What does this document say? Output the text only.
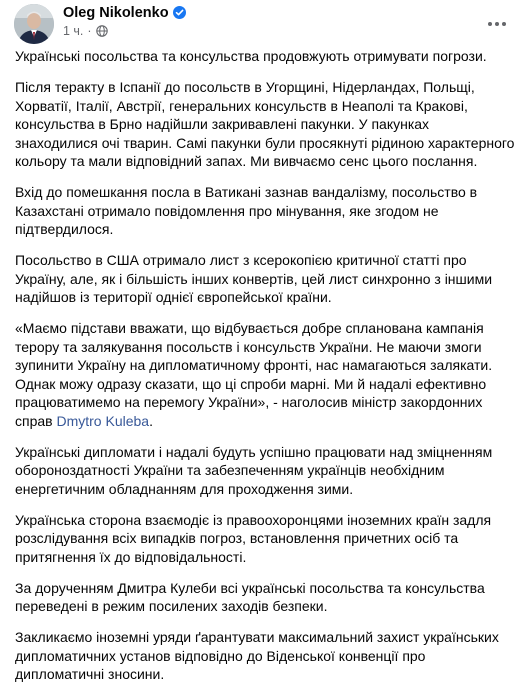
Oleg Nikolenko
1 ч. ·

Українські посольства та консульства продовжують отримувати погрози.

Після теракту в Іспанії до посольств в Угорщині, Нідерландах, Польщі, Хорватії, Італії, Австрії, генеральних консульств в Неаполі та Кракові, консульства в Брно надійшли закривавлені пакунки. У пакунках знаходилися очі тварин. Самі пакунки були просякнуті рідиною характерного кольору та мали відповідний запах. Ми вивчаємо сенс цього послання.

Вхід до помешкання посла в Ватикані зазнав вандалізму, посольство в Казахстані отримало повідомлення про мінування, яке згодом не підтвердилося.

Посольство в США отримало лист з ксерокопією критичної статті про Україну, але, як і більшість інших конвертів, цей лист синхронно з іншими надійшов із території однієї європейської країни.

«Маємо підстави вважати, що відбувається добре спланована кампанія терору та залякування посольств і консульств України. Не маючи змоги зупинити Україну на дипломатичному фронті, нас намагаються залякати. Однак можу одразу сказати, що ці спроби марні. Ми й надалі ефективно працюватимемо на перемогу України», - наголосив міністр закордонних справ Dmytro Kuleba.

Українські дипломати і надалі будуть успішно працювати над зміцненням обороноздатності України та забезпеченням українців необхідним енергетичним обладнанням для проходження зими.

Українська сторона взаємодіє із правоохоронцями іноземних країн задля розслідування всіх випадків погроз, встановлення причетних осіб та притягнення їх до відповідальності.

За дорученням Дмитра Кулеби всі українські посольства та консульства переведені в режим посилених заходів безпеки.

Закликаємо іноземні уряди ґарантувати максимальний захист українських дипломатичних установ відповідно до Віденської конвенції про дипломатичні зносини.
